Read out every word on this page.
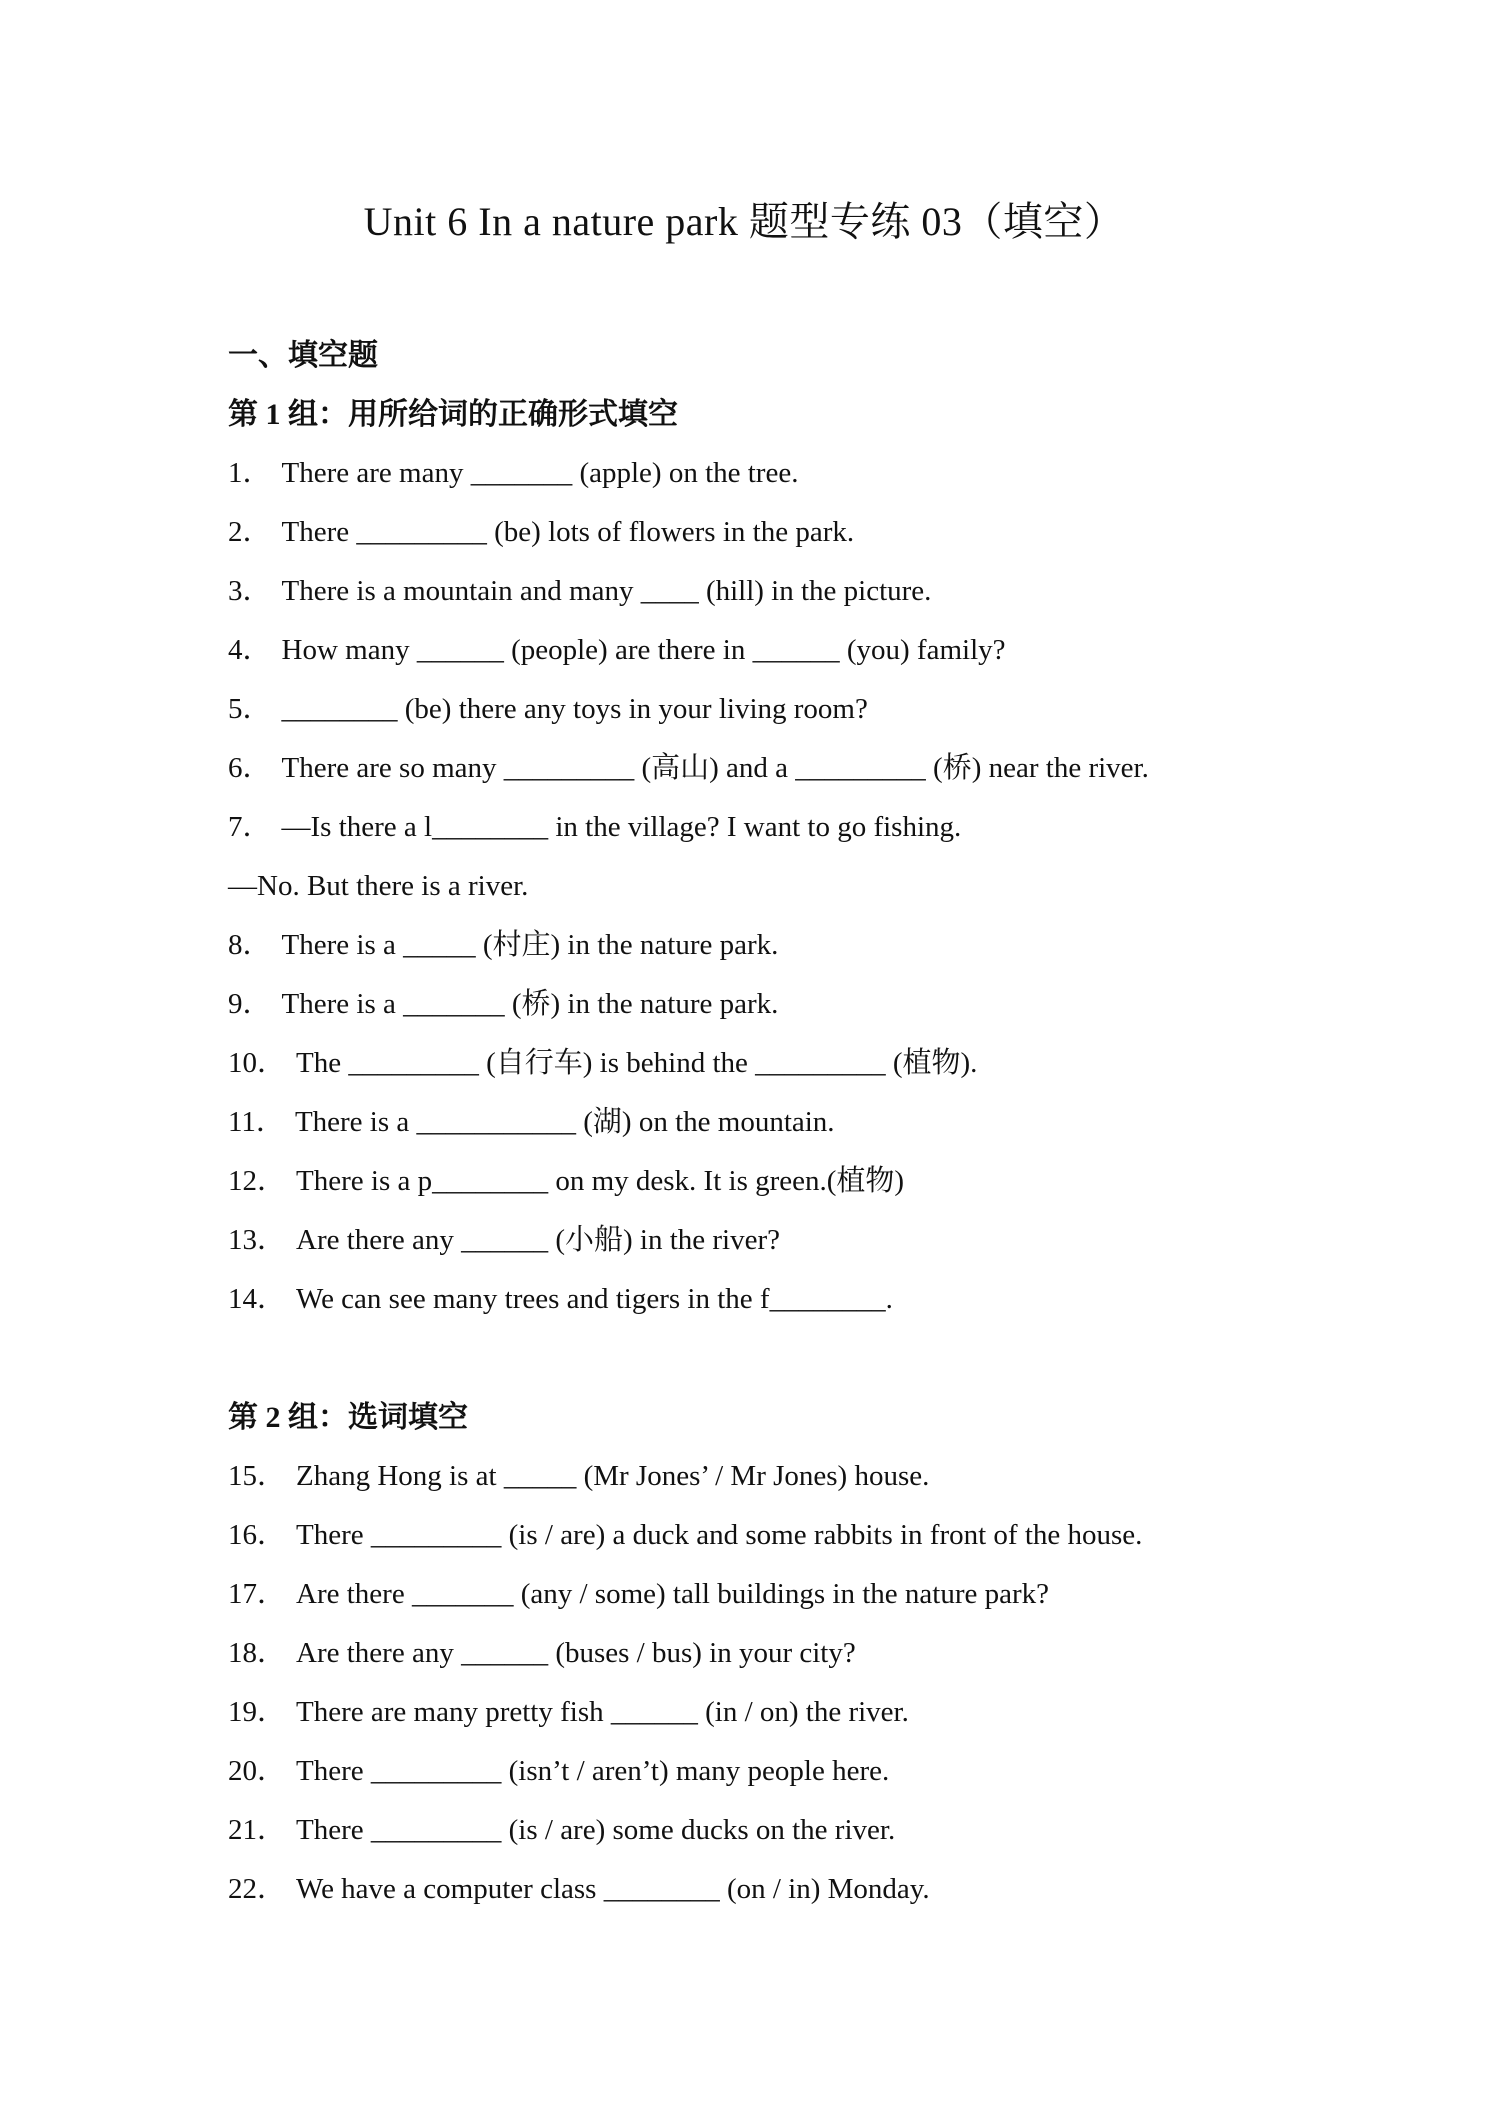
Unit 6 In a nature park 题型专练 03（填空）
一、填空题
第 1 组：用所给词的正确形式填空
1． There are many _______ (apple) on the tree.
2． There _________ (be) lots of flowers in the park.
3． There is a mountain and many ____ (hill) in the picture.
4． How many ______ (people) are there in ______ (you) family?
5． ________ (be) there any toys in your living room?
6． There are so many _________ (高山) and a _________ (桥) near the river.
7． —Is there a l________ in the village? I want to go fishing.
—No. But there is a river.
8． There is a _____ (村庄) in the nature park.
9． There is a _______ (桥) in the nature park.
10． The _________ (自行车) is behind the _________ (植物).
11． There is a ___________ (湖) on the mountain.
12． There is a p________ on my desk. It is green.(植物)
13． Are there any ______ (小船) in the river?
14． We can see many trees and tigers in the f________.
第 2 组：选词填空
15． Zhang Hong is at _____ (Mr Jones’ / Mr Jones) house.
16． There _________ (is / are) a duck and some rabbits in front of the house.
17． Are there _______ (any / some) tall buildings in the nature park?
18． Are there any ______ (buses / bus) in your city?
19． There are many pretty fish ______ (in / on) the river.
20． There _________ (isn’t / aren’t) many people here.
21． There _________ (is / are) some ducks on the river.
22． We have a computer class ________ (on / in) Monday.
